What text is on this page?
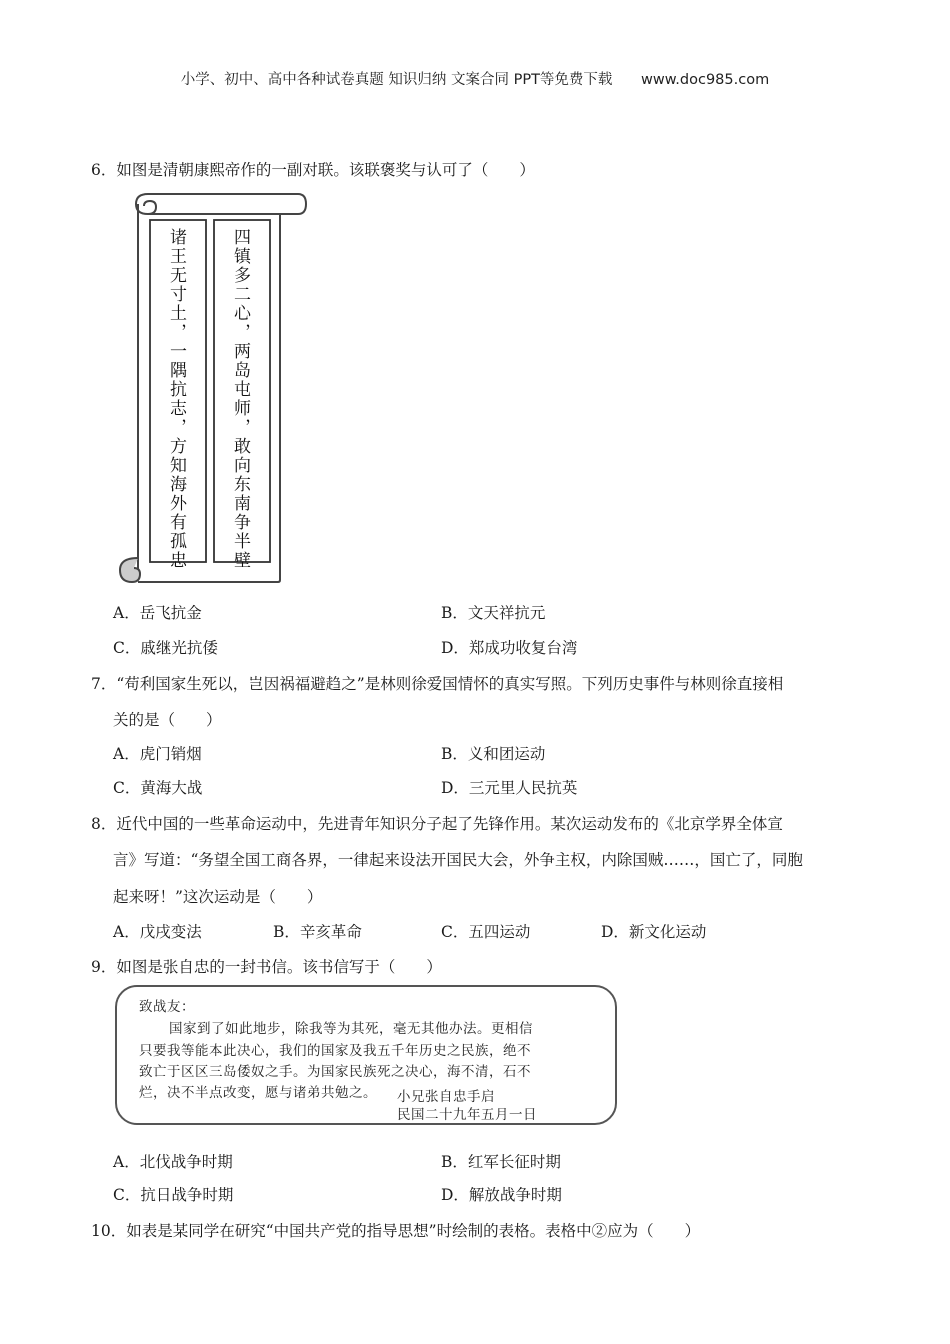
小学、初中、高中各种试卷真题 知识归纳 文案合同 PPT等免费下载 www.doc985.com
6．如图是清朝康熙帝作的一副对联。该联褒奖与认可了（　　）
诸王无寸土，一隅抗志，方知海外有孤忠	四镇多二心，两岛屯师，敢向东南争半壁
A．岳飞抗金	B．文天祥抗元
C．戚继光抗倭	D．郑成功收复台湾
7．“苟利国家生死以，岂因祸福避趋之”是林则徐爱国情怀的真实写照。下列历史事件与林则徐直接相
关的是（　　）
A．虎门销烟	B．义和团运动
C．黄海大战	D．三元里人民抗英
8．近代中国的一些革命运动中，先进青年知识分子起了先锋作用。某次运动发布的《北京学界全体宣
言》写道：“务望全国工商各界，一律起来设法开国民大会，外争主权，内除国贼……，国亡了，同胞
起来呀！”这次运动是（　　）
A．戊戌变法	B．辛亥革命	C．五四运动	D．新文化运动
9．如图是张自忠的一封书信。该书信写于（　　）
致战友：
国家到了如此地步，除我等为其死，毫无其他办法。更相信
只要我等能本此决心，我们的国家及我五千年历史之民族，绝不
致亡于区区三岛倭奴之手。为国家民族死之决心，海不清，石不
烂，决不半点改变，愿与诸弟共勉之。 小兄张自忠手启
民国二十九年五月一日
A．北伐战争时期	B．红军长征时期
C．抗日战争时期	D．解放战争时期
10．如表是某同学在研究“中国共产党的指导思想”时绘制的表格。表格中②应为（　　）
